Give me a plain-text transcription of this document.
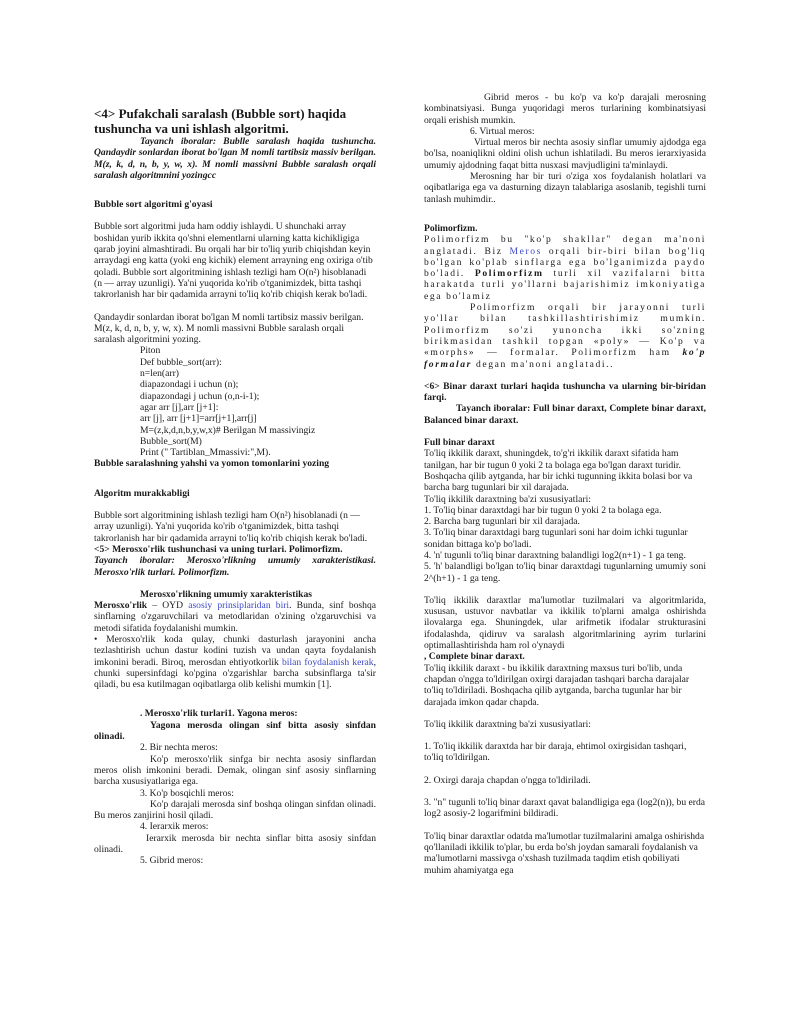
<4> Pufakchali saralash (Bubble sort) haqida tushuncha va uni ishlash algoritmi.

Tayanch iboralar: Bublle saralash haqida tushuncha. Qandaydir sonlardan iborat bo'lgan M nomli tartibsiz massiv berilgan. M(z, k, d, n, b, y, w, x). M nomli massivni Bubble saralash orqali saralash algoritmnini yozingcc

Bubble sort algoritmi g'oyasi

Bubble sort algoritmi juda ham oddiy ishlaydi. U shunchaki array boshidan yurib ikkita qo'shni elementlarni ularning katta kichikligiga qarab joyini almashtiradi. Bu orqali har bir to'liq yurib chiqishdan keyin arraydagi eng katta (yoki eng kichik) element arrayning eng oxiriga o'tib qoladi. Bubble sort algoritmining ishlash tezligi ham O(n²) hisoblanadi (n — array uzunligi). Ya'ni yuqorida ko'rib o'tganimizdek, bitta tashqi takrorlanish har bir qadamida arrayni to'liq ko'rib chiqish kerak bo'ladi.

Qandaydir sonlardan iborat bo'lgan M nomli tartibsiz massiv berilgan. M(z, k, d, n, b, y, w, x). M nomli massivni Bubble saralash orqali saralash algoritmini yozing.

Piton

Def bubble_sort(arr):

n=len(arr)

diapazondagi i uchun (n);

diapazondagi j uchun (o,n-i-1);

agar arr [j],arr [j+1]:

arr [j], arr [j+1]=arr[j+1],arr[j]

M=(z,k,d,n,b,y,w,x)# Berilgan M massivingiz

Bubble_sort(M)

Print (" Tartiblan_Mmassivi:",M).

Bubble saralashning yahshi va yomon tomonlarini yozing

Algoritm murakkabligi

Bubble sort algoritmining ishlash tezligi ham O(n²) hisoblanadi (n — array uzunligi). Ya'ni yuqorida ko'rib o'tganimizdek, bitta tashqi takrorlanish har bir qadamida arrayni to'liq ko'rib chiqish kerak bo'ladi.

<5> Merosxo'rlik tushunchasi va uning turlari. Polimorfizm.

Tayanch iboralar: Merosxo'rlikning umumiy xarakteristikasi. Merosxo'rlik turlari. Polimorfizm.

Merosxo'rlikning umumiy xarakteristikas

Merosxo'rlik – OYD asosiy prinsiplaridan biri. Bunda, sinf boshqa sinflarning o'zgaruvchilari va metodlaridan o'zining o'zgaruvchisi va metodi sifatida foydalanishi mumkin.

• Merosxo'rlik koda qulay, chunki dasturlash jarayonini ancha tezlashtirish uchun dastur kodini tuzish va undan qayta foydalanish imkonini beradi. Biroq, merosdan ehtiyotkorlik bilan foydalanish kerak, chunki supersinfdagi ko'pgina o'zgarishlar barcha subsinflarga ta'sir qiladi, bu esa kutilmagan oqibatlarga olib kelishi mumkin [1].

. Merosxo'rlik turlari1. Yagona meros:

Yagona merosda olingan sinf bitta asosiy sinfdan olinadi.

2. Bir nechta meros:

Ko'p merosxo'rlik sinfga bir nechta asosiy sinflardan meros olish imkonini beradi. Demak, olingan sinf asosiy sinflarning barcha xususiyatlariga ega.

3. Ko'p bosqichli meros:

Ko'p darajali merosda sinf boshqa olingan sinfdan olinadi. Bu meros zanjirini hosil qiladi.

4. Ierarxik meros:

Ierarxik merosda bir nechta sinflar bitta asosiy sinfdan olinadi.

5. Gibrid meros:

Gibrid meros - bu ko'p va ko'p darajali merosning kombinatsiyasi. Bunga yuqoridagi meros turlarining kombinatsiyasi orqali erishish mumkin.

6. Virtual meros:

Virtual meros bir nechta asosiy sinflar umumiy ajdodga ega bo'lsa, noaniqlikni oldini olish uchun ishlatiladi. Bu meros ierarxiyasida umumiy ajdodning faqat bitta nusxasi mavjudligini ta'minlaydi.

Merosning har bir turi o'ziga xos foydalanish holatlari va oqibatlariga ega va dasturning dizayn talablariga asoslanib, tegishli turni tanlash muhimdir..

Polimorfizm.

Polimorfizm bu "ko'p shakllar" degan ma'noni anglatadi. Biz Meros orqali bir-biri bilan bog'liq bo'lgan ko'plab sinflarga ega bo'lganimizda paydo bo'ladi. Polimorfizm turli xil vazifalarni bitta harakatda turli yo'llarni bajarishimiz imkoniyatiga ega bo'lamiz

Polimorfizm orqali bir jarayonni turli yo'llar bilan tashkillashtirishimiz mumkin. Polimorfizm so'zi yunoncha ikki so'zning birikmasidan tashkil topgan «poly» — Ko'p va «morphs» — formalar. Polimorfizm ham ko'p formalar degan ma'noni anglatadi..

<6> Binar daraxt turlari haqida tushuncha va ularning bir-biridan farqi.

Tayanch iboralar: Full binar daraxt, Complete binar daraxt, Balanced binar daraxt.

Full binar daraxt

To'liq ikkilik daraxt, shuningdek, to'g'ri ikkilik daraxt sifatida ham tanilgan, har bir tugun 0 yoki 2 ta bolaga ega bo'lgan daraxt turidir. Boshqacha qilib aytganda, har bir ichki tugunning ikkita bolasi bor va barcha barg tugunlari bir xil darajada.

To'liq ikkilik daraxtning ba'zi xususiyatlari:

1. To'liq binar daraxtdagi har bir tugun 0 yoki 2 ta bolaga ega.

2. Barcha barg tugunlari bir xil darajada.

3. To'liq binar daraxtdagi barg tugunlari soni har doim ichki tugunlar sonidan bittaga ko'p bo'ladi.

4. 'n' tugunli to'liq binar daraxtning balandligi log2(n+1) - 1 ga teng.

5. 'h' balandligi bo'lgan to'liq binar daraxtdagi tugunlarning umumiy soni 2^(h+1) - 1 ga teng.

To'liq ikkilik daraxtlar ma'lumotlar tuzilmalari va algoritmlarida, xususan, ustuvor navbatlar va ikkilik to'plarni amalga oshirishda ilovalarga ega. Shuningdek, ular arifmetik ifodalar strukturasini ifodalashda, qidiruv va saralash algoritmlarining ayrim turlarini optimallashtirishda ham rol o'ynaydi

, Complete binar daraxt.

To'liq ikkilik daraxt - bu ikkilik daraxtning maxsus turi bo'lib, unda chapdan o'ngga to'ldirilgan oxirgi darajadan tashqari barcha darajalar to'liq to'ldiriladi. Boshqacha qilib aytganda, barcha tugunlar har bir darajada imkon qadar chapda.

To'liq ikkilik daraxtning ba'zi xususiyatlari:

1. To'liq ikkilik daraxtda har bir daraja, ehtimol oxirgisidan tashqari, to'liq to'ldirilgan.

2. Oxirgi daraja chapdan o'ngga to'ldiriladi.

3. "n" tugunli to'liq binar daraxt qavat balandligiga ega (log2(n)), bu erda log2 asosiy-2 logarifmini bildiradi.

To'liq binar daraxtlar odatda ma'lumotlar tuzilmalarini amalga oshirishda qo'llaniladi ikkilik to'plar, bu erda bo'sh joydan samarali foydalanish va ma'lumotlarni massivga o'xshash tuzilmada taqdim etish qobiliyati muhim ahamiyatga ega
